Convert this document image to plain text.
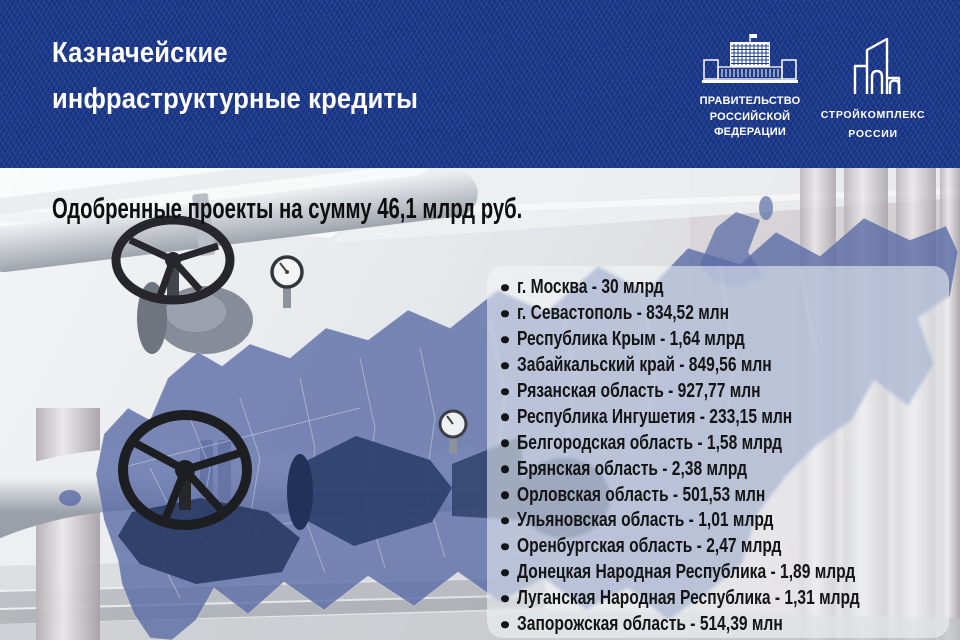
Казначейские
инфраструктурные кредиты	ПРАВИТЕЛЬСТВО
РОССИЙСКОЙ
ФЕДЕРАЦИИ
СТРОЙКОМПЛЕКС
РОССИИ
Одобренные проекты на сумму 46,1 млрд руб.
г. Москва - 30 млрд
г. Севастополь - 834,52 млн
Республика Крым - 1,64 млрд
Забайкальский край - 849,56 млн
Рязанская область - 927,77 млн
Республика Ингушетия - 233,15 млн
Белгородская область - 1,58 млрд
Брянская область - 2,38 млрд
Орловская область - 501,53 млн
Ульяновская область - 1,01 млрд
Оренбургская область - 2,47 млрд
Донецкая Народная Республика - 1,89 млрд
Луганская Народная Республика - 1,31 млрд
Запорожская область - 514,39 млн
